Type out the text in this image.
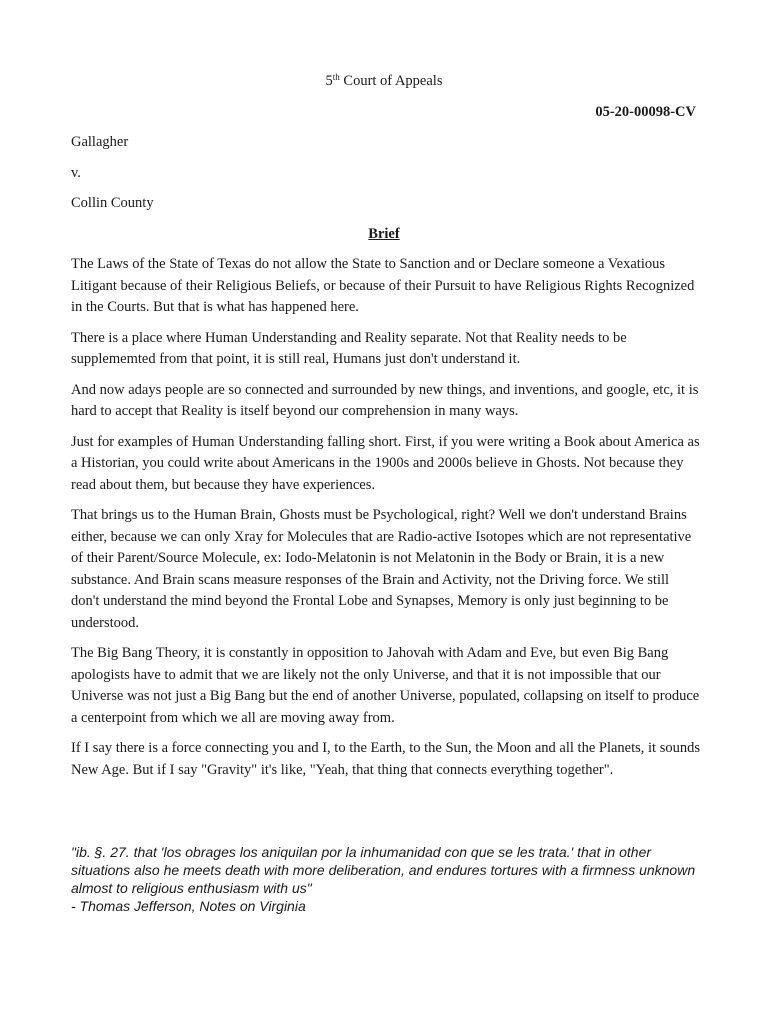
5th Court of Appeals
05-20-00098-CV
Gallagher
v.
Collin County
Brief

The Laws of the State of Texas do not allow the State to Sanction and or Declare someone a Vexatious Litigant because of their Religious Beliefs, or because of their Pursuit to have Religious Rights Recognized in the Courts. But that is what has happened here.

There is a place where Human Understanding and Reality separate. Not that Reality needs to be supplememted from that point, it is still real, Humans just don't understand it.

And now adays people are so connected and surrounded by new things, and inventions, and google, etc, it is hard to accept that Reality is itself beyond our comprehension in many ways.

Just for examples of Human Understanding falling short. First, if you were writing a Book about America as a Historian, you could write about Americans in the 1900s and 2000s believe in Ghosts. Not because they read about them, but because they have experiences.

That brings us to the Human Brain, Ghosts must be Psychological, right? Well we don't understand Brains either, because we can only Xray for Molecules that are Radio-active Isotopes which are not representative of their Parent/Source Molecule, ex: Iodo-Melatonin is not Melatonin in the Body or Brain, it is a new substance. And Brain scans measure responses of the Brain and Activity, not the Driving force. We still don't understand the mind beyond the Frontal Lobe and Synapses, Memory is only just beginning to be understood.

The Big Bang Theory, it is constantly in opposition to Jahovah with Adam and Eve, but even Big Bang apologists have to admit that we are likely not the only Universe, and that it is not impossible that our Universe was not just a Big Bang but the end of another Universe, populated, collapsing on itself to produce a centerpoint from which we all are moving away from.

If I say there is a force connecting you and I, to the Earth, to the Sun, the Moon and all the Planets, it sounds New Age. But if I say "Gravity" it's like, "Yeah, that thing that connects everything together".

"ib. §. 27. that 'los obrages los aniquilan por la inhumanidad con que se les trata.' that in other situations also he meets death with more deliberation, and endures tortures with a firmness unknown almost to religious enthusiasm with us"

- Thomas Jefferson, Notes on Virginia
